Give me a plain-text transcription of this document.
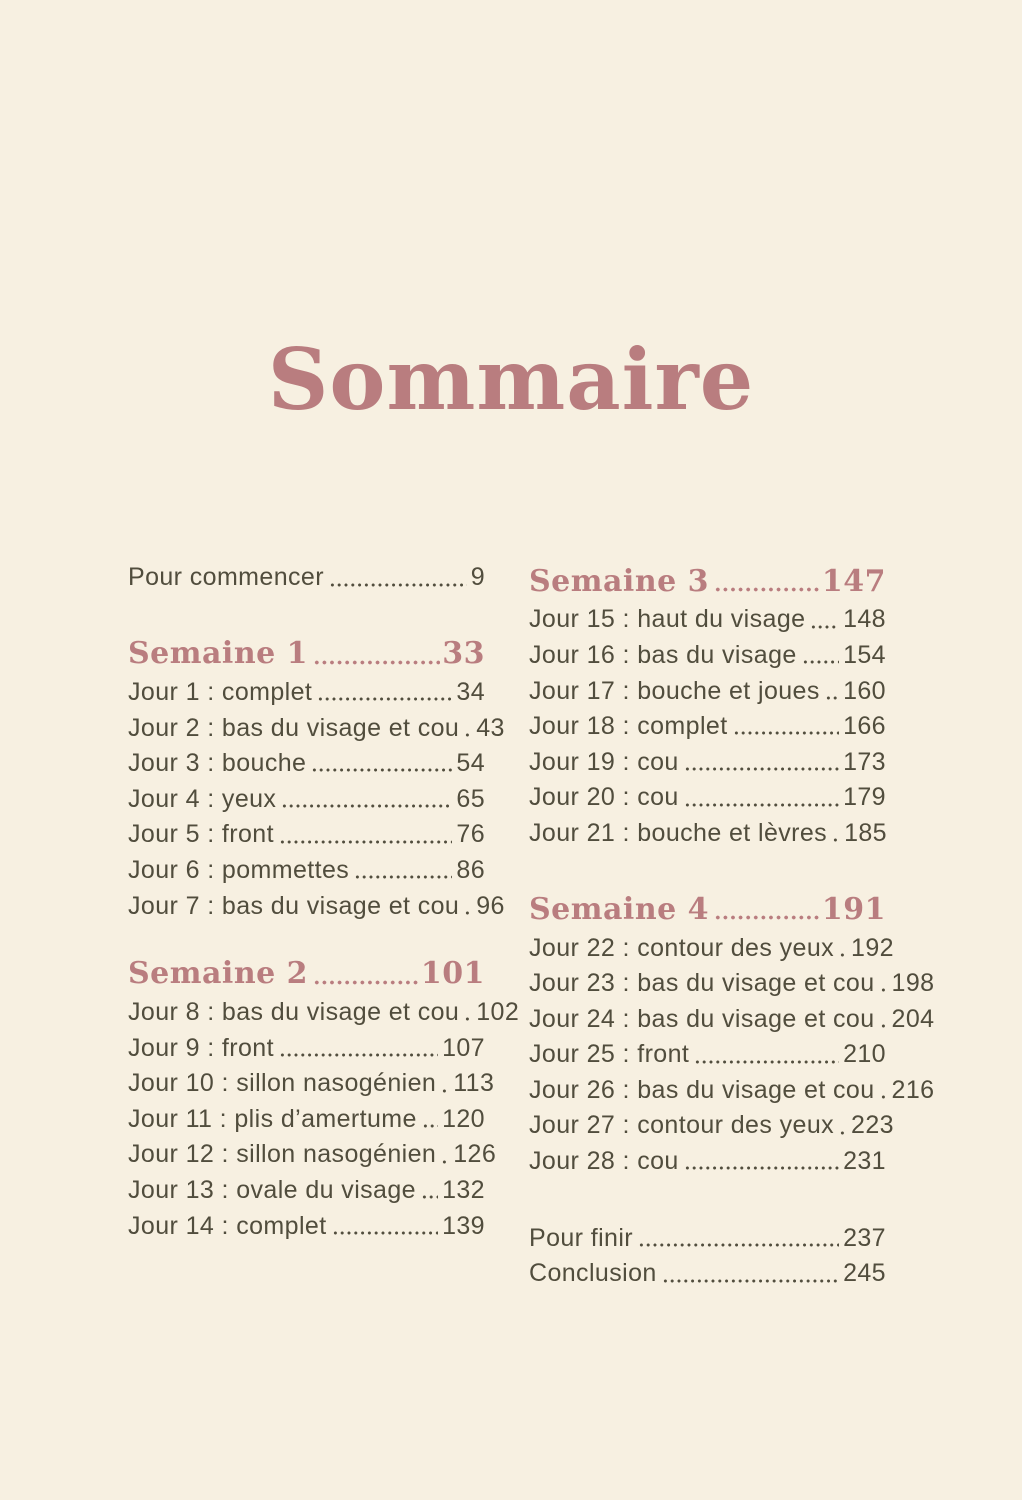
Sommaire
Pour commencer	9
Semaine 1	33
Jour 1 : complet	34
Jour 2 : bas du visage et cou 43
Jour 3 : bouche	54
Jour 4 : yeux	65
Jour 5 : front	76
Jour 6 : pommettes	86
Jour 7 : bas du visage et cou 96
Semaine 2	101
Jour 8 : bas du visage et cou 102
Jour 9 : front	107
Jour 10 : sillon nasogénien 113
Jour 11 : plis d’amertume 120
Jour 12 : sillon nasogénien 126
Jour 13 : ovale du visage 132
Jour 14 : complet	139
Semaine 3	147
Jour 15 : haut du visage 148
Jour 16 : bas du visage 154
Jour 17 : bouche et joues 160
Jour 18 : complet	166
Jour 19 : cou	173
Jour 20 : cou	179
Jour 21 : bouche et lèvres 185
Semaine 4	191
Jour 22 : contour des yeux 192
Jour 23 : bas du visage et cou 198
Jour 24 : bas du visage et cou 204
Jour 25 : front	210
Jour 26 : bas du visage et cou 216
Jour 27 : contour des yeux 223
Jour 28 : cou	231
Pour finir	237
Conclusion	245
